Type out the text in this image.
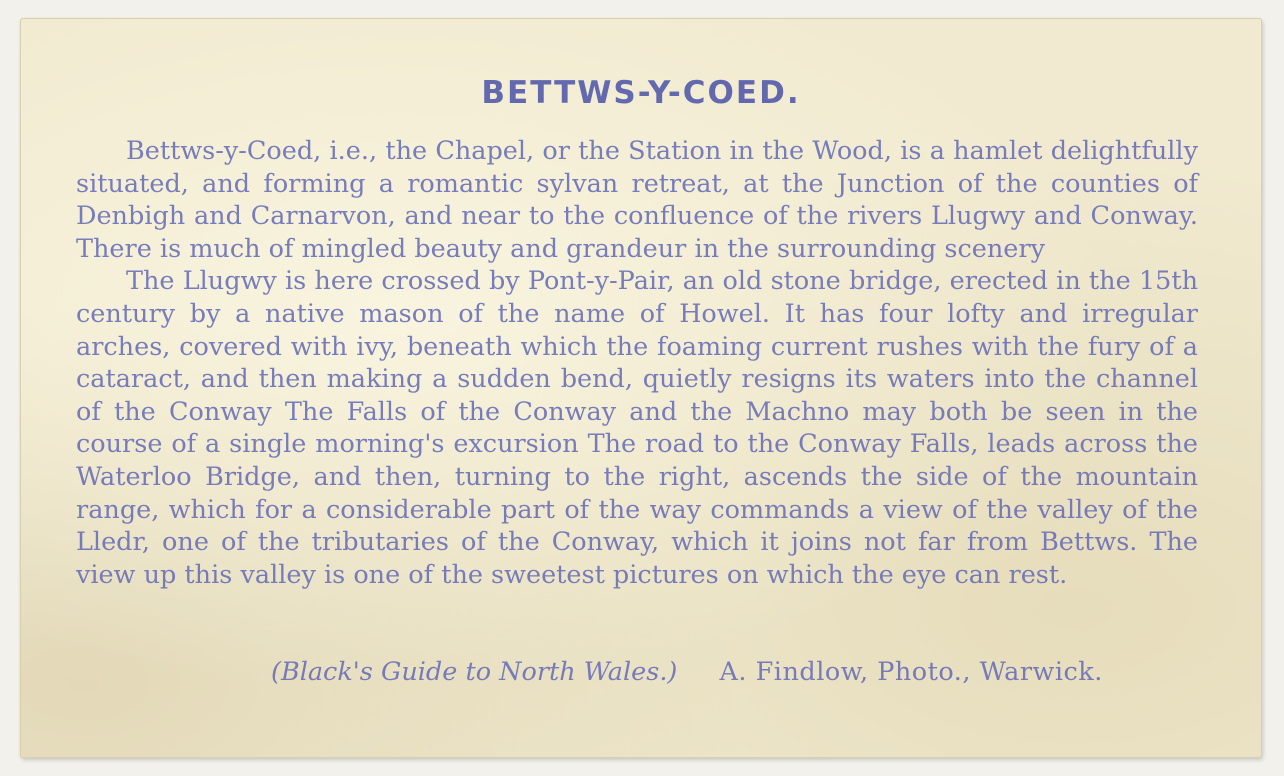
BETTWS-Y-COED.

Bettws-y-Coed, i.e., the Chapel, or the Station in the Wood, is a hamlet delightfully situated, and forming a romantic sylvan retreat, at the Junction of the counties of Denbigh and Carnarvon, and near to the confluence of the rivers Llugwy and Conway. There is much of mingled beauty and grandeur in the surrounding scenery

The Llugwy is here crossed by Pont-y-Pair, an old stone bridge, erected in the 15th century by a native mason of the name of Howel. It has four lofty and irregular arches, covered with ivy, beneath which the foaming current rushes with the fury of a cataract, and then making a sudden bend, quietly resigns its waters into the channel of the Conway The Falls of the Conway and the Machno may both be seen in the course of a single morning's excursion The road to the Conway Falls, leads across the Waterloo Bridge, and then, turning to the right, ascends the side of the mountain range, which for a considerable part of the way commands a view of the valley of the Lledr, one of the tributaries of the Conway, which it joins not far from Bettws. The view up this valley is one of the sweetest pictures on which the eye can rest.

(Black's Guide to North Wales.) A. Findlow, Photo., Warwick.
